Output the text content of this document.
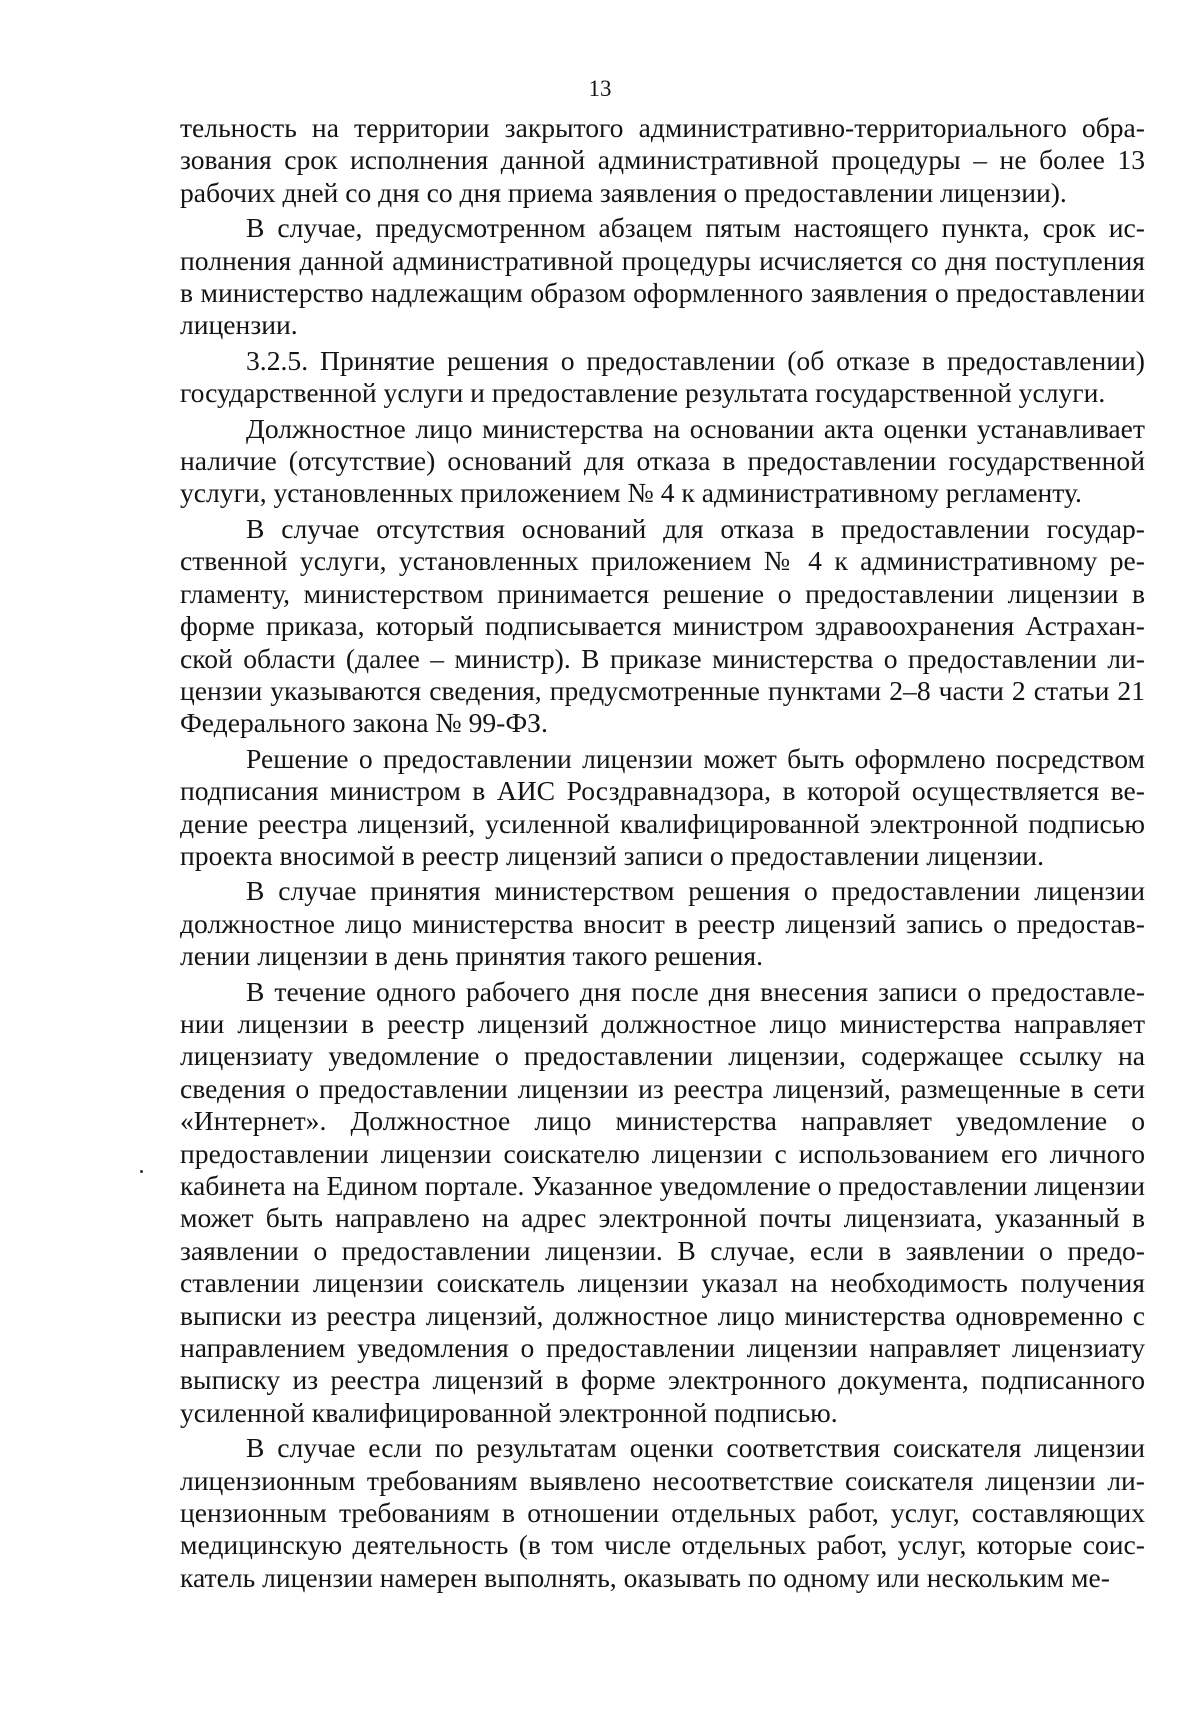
13

тельность на территории закрытого административно-территориального образования срок исполнения данной административной процедуры – не более 13 рабочих дней со дня со дня приема заявления о предоставлении лицензии).

В случае, предусмотренном абзацем пятым настоящего пункта, срок исполнения данной административной процедуры исчисляется со дня поступления в министерство надлежащим образом оформленного заявления о предоставлении лицензии.

3.2.5. Принятие решения о предоставлении (об отказе в предоставлении) государственной услуги и предоставление результата государственной услуги.

Должностное лицо министерства на основании акта оценки устанавливает наличие (отсутствие) оснований для отказа в предоставлении государственной услуги, установленных приложением № 4 к административному регламенту.

В случае отсутствия оснований для отказа в предоставлении государственной услуги, установленных приложением № 4 к административному регламенту, министерством принимается решение о предоставлении лицензии в форме приказа, который подписывается министром здравоохранения Астраханской области (далее – министр). В приказе министерства о предоставлении лицензии указываются сведения, предусмотренные пунктами 2–8 части 2 статьи 21 Федерального закона № 99-ФЗ.

Решение о предоставлении лицензии может быть оформлено посредством подписания министром в АИС Росздравнадзора, в которой осуществляется ведение реестра лицензий, усиленной квалифицированной электронной подписью проекта вносимой в реестр лицензий записи о предоставлении лицензии.

В случае принятия министерством решения о предоставлении лицензии должностное лицо министерства вносит в реестр лицензий запись о предоставлении лицензии в день принятия такого решения.

В течение одного рабочего дня после дня внесения записи о предоставлении лицензии в реестр лицензий должностное лицо министерства направляет лицензиату уведомление о предоставлении лицензии, содержащее ссылку на сведения о предоставлении лицензии из реестра лицензий, размещенные в сети «Интернет». Должностное лицо министерства направляет уведомление о предоставлении лицензии соискателю лицензии с использованием его личного кабинета на Едином портале. Указанное уведомление о предоставлении лицензии может быть направлено на адрес электронной почты лицензиата, указанный в заявлении о предоставлении лицензии. В случае, если в заявлении о предоставлении лицензии соискатель лицензии указал на необходимость получения выписки из реестра лицензий, должностное лицо министерства одновременно с направлением уведомления о предоставлении лицензии направляет лицензиату выписку из реестра лицензий в форме электронного документа, подписанного усиленной квалифицированной электронной подписью.

В случае если по результатам оценки соответствия соискателя лицензии лицензионным требованиям выявлено несоответствие соискателя лицензии лицензионным требованиям в отношении отдельных работ, услуг, составляющих медицинскую деятельность (в том числе отдельных работ, услуг, которые соискатель лицензии намерен выполнять, оказывать по одному или нескольким ме-
